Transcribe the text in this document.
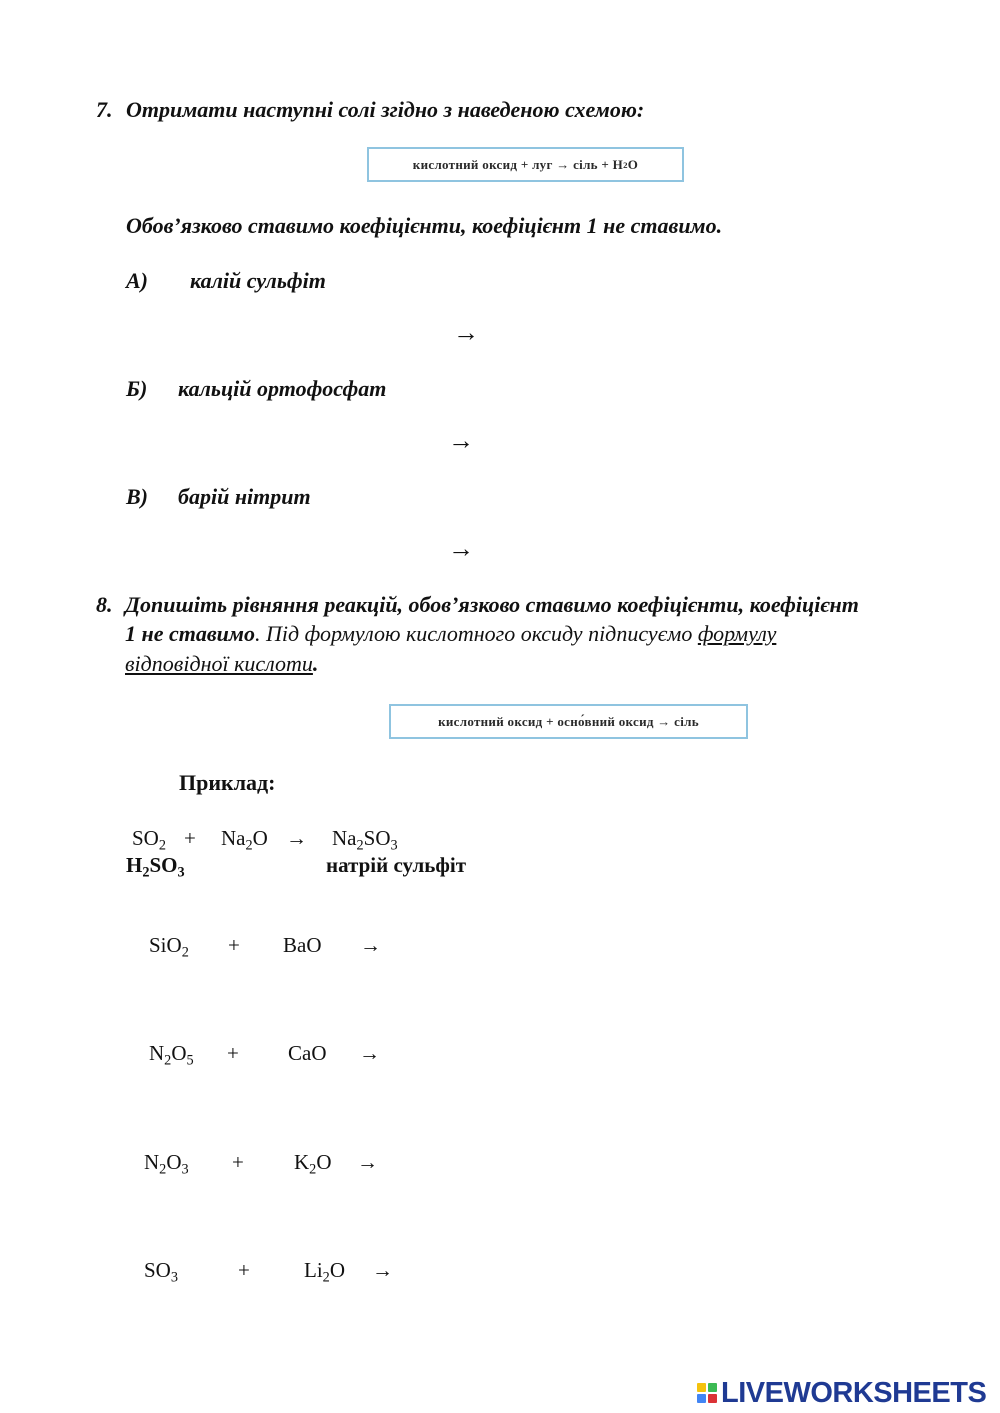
7. Отримати наступні солі згідно з наведеною схемою:
кислотний оксид + луг → сіль + H 2 O
Обов’язково ставимо коефіцієнти, коефіцієнт 1 не ставимо.
А) калій сульфіт
→
Б) кальцій ортофосфат
→
В) барій нітрит
→
8. Допишіть рівняння реакцій, обов’язково ставимо коефіцієнти, коефіцієнт
1 не ставимо. Під формулою кислотного оксиду підписуємо формулу
відповідної кислоти.
кислотний оксид + осно́вний оксид → сіль
Приклад:
$SO_2 + Na_2O \to Na_2SO_3$
$H_2SO_3$	натрій сульфіт
SiO$_2$ + BaO →
$N_2O_5$ + CaO →
$N_2O_3 + K_2O$ →
$SO_3$	+	$Li_2O$ →
LIVEWORKSHEETS
